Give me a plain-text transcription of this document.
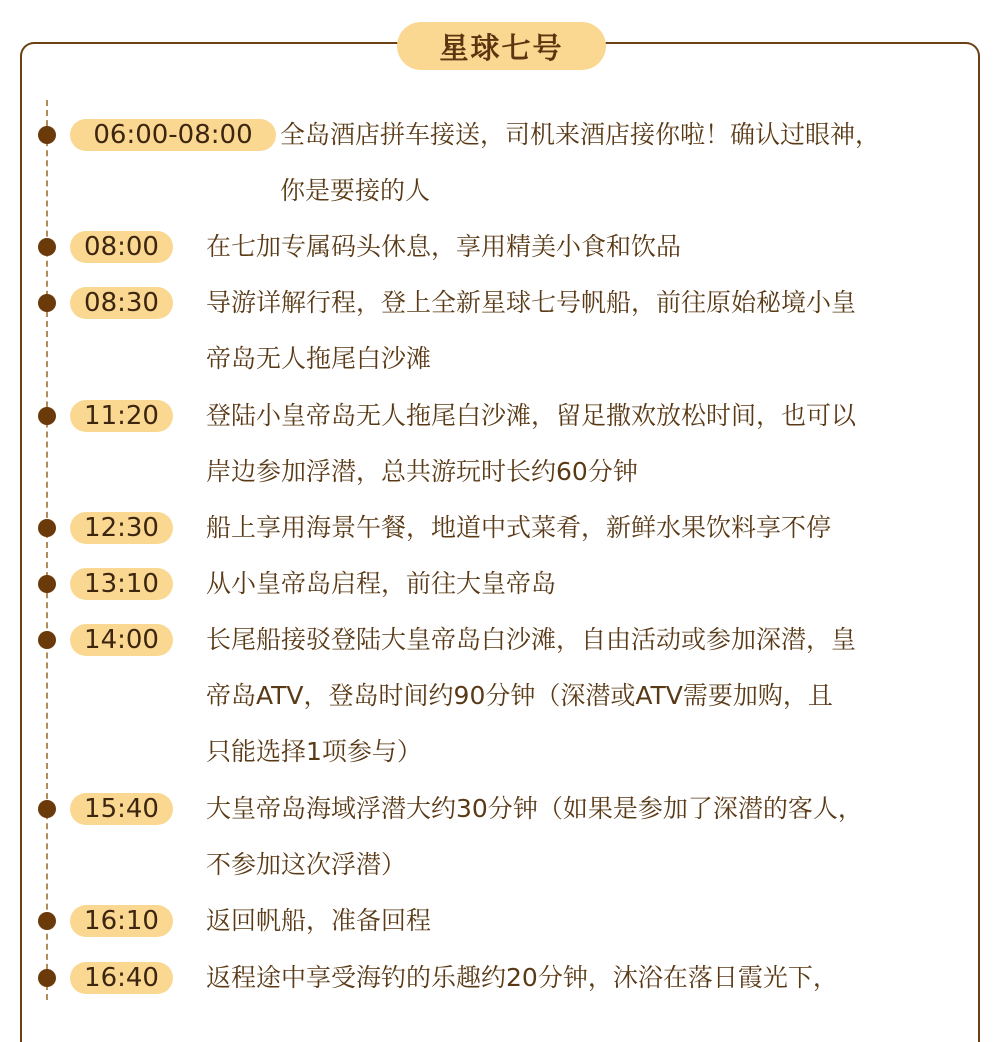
星球七号
06:00-08:00	全岛酒店拼车接送，司机来酒店接你啦！确认过眼神，
你是要接的人
08:00	在七加专属码头休息，享用精美小食和饮品
08:30	导游详解行程，登上全新星球七号帆船，前往原始秘境小皇
帝岛无人拖尾白沙滩
11:20	登陆小皇帝岛无人拖尾白沙滩，留足撒欢放松时间，也可以
岸边参加浮潜，总共游玩时长约60分钟
12:30	船上享用海景午餐，地道中式菜肴，新鲜水果饮料享不停
13:10	从小皇帝岛启程，前往大皇帝岛
14:00	长尾船接驳登陆大皇帝岛白沙滩，自由活动或参加深潜，皇
帝岛ATV，登岛时间约90分钟（深潜或ATV需要加购，且
只能选择1项参与）
15:40	大皇帝岛海域浮潜大约30分钟（如果是参加了深潜的客人，
不参加这次浮潜）
16:10	返回帆船，准备回程
16:40	返程途中享受海钓的乐趣约20分钟，沐浴在落日霞光下，
